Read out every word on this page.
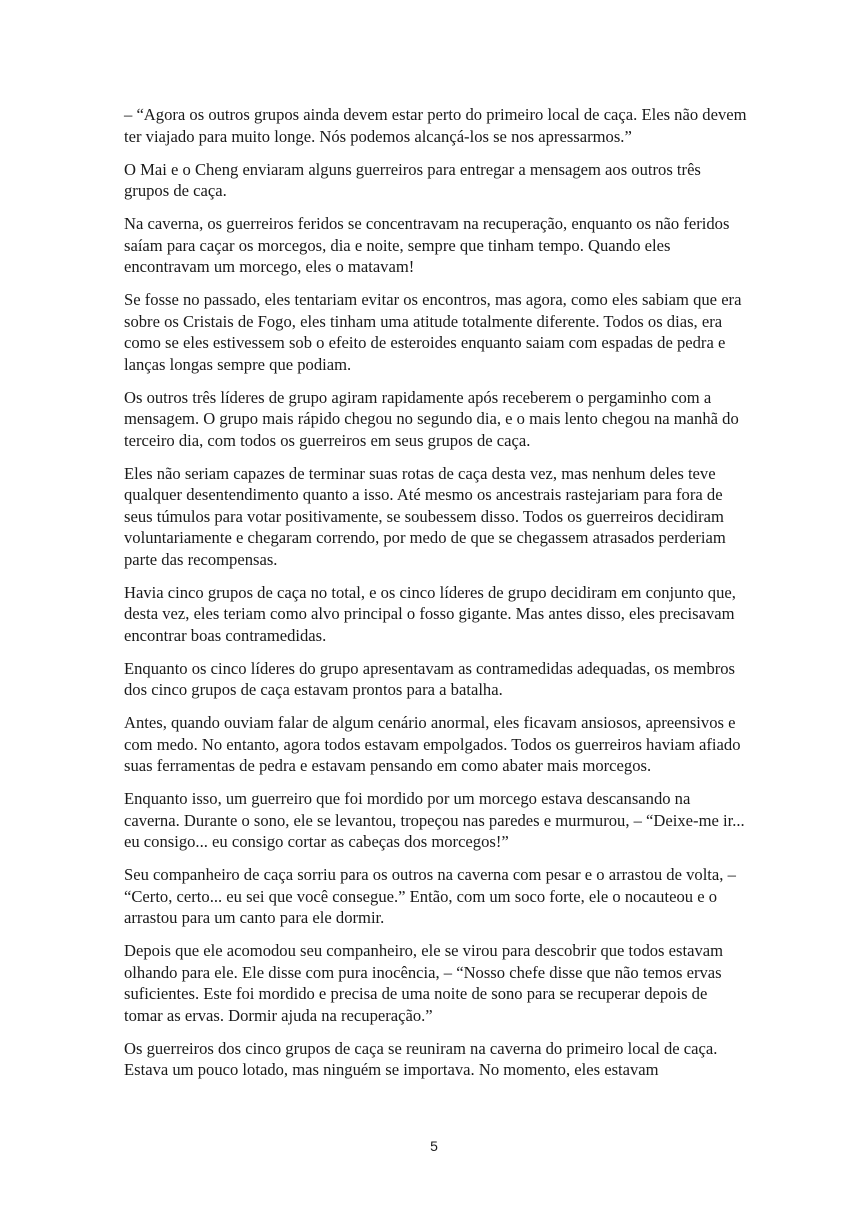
– “Agora os outros grupos ainda devem estar perto do primeiro local de caça. Eles não devem ter viajado para muito longe. Nós podemos alcançá-los se nos apressarmos.”

O Mai e o Cheng enviaram alguns guerreiros para entregar a mensagem aos outros três grupos de caça.

Na caverna, os guerreiros feridos se concentravam na recuperação, enquanto os não feridos saíam para caçar os morcegos, dia e noite, sempre que tinham tempo. Quando eles encontravam um morcego, eles o matavam!

Se fosse no passado, eles tentariam evitar os encontros, mas agora, como eles sabiam que era sobre os Cristais de Fogo, eles tinham uma atitude totalmente diferente. Todos os dias, era como se eles estivessem sob o efeito de esteroides enquanto saiam com espadas de pedra e lanças longas sempre que podiam.

Os outros três líderes de grupo agiram rapidamente após receberem o pergaminho com a mensagem. O grupo mais rápido chegou no segundo dia, e o mais lento chegou na manhã do terceiro dia, com todos os guerreiros em seus grupos de caça.

Eles não seriam capazes de terminar suas rotas de caça desta vez, mas nenhum deles teve qualquer desentendimento quanto a isso. Até mesmo os ancestrais rastejariam para fora de seus túmulos para votar positivamente, se soubessem disso. Todos os guerreiros decidiram voluntariamente e chegaram correndo, por medo de que se chegassem atrasados perderiam parte das recompensas.

Havia cinco grupos de caça no total, e os cinco líderes de grupo decidiram em conjunto que, desta vez, eles teriam como alvo principal o fosso gigante. Mas antes disso, eles precisavam encontrar boas contramedidas.

Enquanto os cinco líderes do grupo apresentavam as contramedidas adequadas, os membros dos cinco grupos de caça estavam prontos para a batalha.

Antes, quando ouviam falar de algum cenário anormal, eles ficavam ansiosos, apreensivos e com medo. No entanto, agora todos estavam empolgados. Todos os guerreiros haviam afiado suas ferramentas de pedra e estavam pensando em como abater mais morcegos.

Enquanto isso, um guerreiro que foi mordido por um morcego estava descansando na caverna. Durante o sono, ele se levantou, tropeçou nas paredes e murmurou, – “Deixe-me ir... eu consigo... eu consigo cortar as cabeças dos morcegos!”

Seu companheiro de caça sorriu para os outros na caverna com pesar e o arrastou de volta, – “Certo, certo... eu sei que você consegue.” Então, com um soco forte, ele o nocauteou e o arrastou para um canto para ele dormir.

Depois que ele acomodou seu companheiro, ele se virou para descobrir que todos estavam olhando para ele. Ele disse com pura inocência, – “Nosso chefe disse que não temos ervas suficientes. Este foi mordido e precisa de uma noite de sono para se recuperar depois de tomar as ervas. Dormir ajuda na recuperação.”

Os guerreiros dos cinco grupos de caça se reuniram na caverna do primeiro local de caça. Estava um pouco lotado, mas ninguém se importava. No momento, eles estavam

5
